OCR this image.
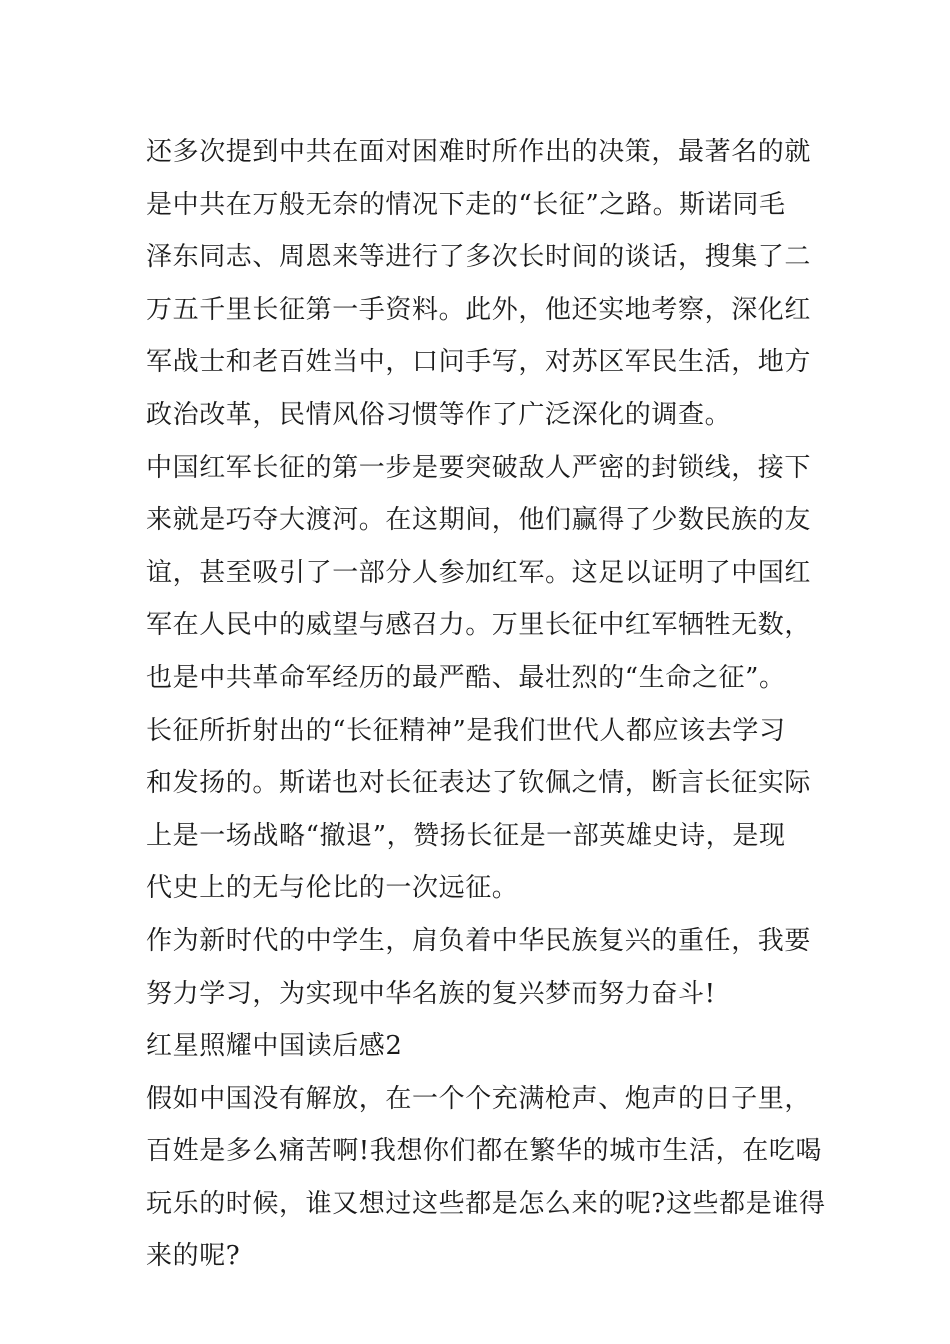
还多次提到中共在面对困难时所作出的决策，最著名的就
是中共在万般无奈的情况下走的“长征”之路。斯诺同毛
泽东同志、周恩来等进行了多次长时间的谈话，搜集了二
万五千里长征第一手资料。此外，他还实地考察，深化红
军战士和老百姓当中，口问手写，对苏区军民生活，地方
政治改革，民情风俗习惯等作了广泛深化的调查。
中国红军长征的第一步是要突破敌人严密的封锁线，接下
来就是巧夺大渡河。在这期间，他们赢得了少数民族的友
谊，甚至吸引了一部分人参加红军。这足以证明了中国红
军在人民中的威望与感召力。万里长征中红军牺牲无数，
也是中共革命军经历的最严酷、最壮烈的“生命之征”。
长征所折射出的“长征精神”是我们世代人都应该去学习
和发扬的。斯诺也对长征表达了钦佩之情，断言长征实际
上是一场战略“撤退”，赞扬长征是一部英雄史诗，是现
代史上的无与伦比的一次远征。
作为新时代的中学生，肩负着中华民族复兴的重任，我要
努力学习，为实现中华名族的复兴梦而努力奋斗!
红星照耀中国读后感2
假如中国没有解放，在一个个充满枪声、炮声的日子里，
百姓是多么痛苦啊!我想你们都在繁华的城市生活，在吃喝
玩乐的时候，谁又想过这些都是怎么来的呢?这些都是谁得
来的呢?
